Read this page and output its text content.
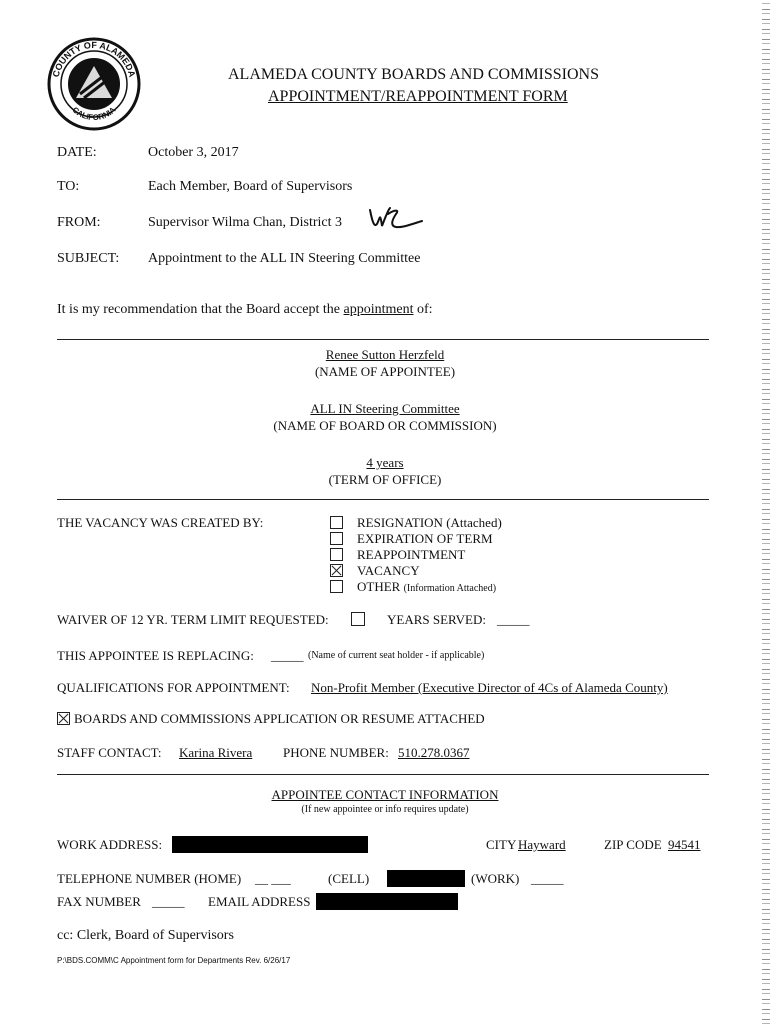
COUNTY OF ALAMEDA
CALIFORNIA
ALAMEDA COUNTY BOARDS AND COMMISSIONS
APPOINTMENT/REAPPOINTMENT FORM
DATE:	October 3, 2017
TO:	Each Member, Board of Supervisors
FROM:	Supervisor Wilma Chan, District 3
SUBJECT: Appointment to the ALL IN Steering Committee
It is my recommendation that the Board accept the appointment of:
Renee Sutton Herzfeld
(NAME OF APPOINTEE)
ALL IN Steering Committee
(NAME OF BOARD OR COMMISSION)
4 years
(TERM OF OFFICE)
THE VACANCY WAS CREATED BY:	RESIGNATION (Attached)
EXPIRATION OF TERM
REAPPOINTMENT
VACANCY
OTHER (Information Attached)
WAIVER OF 12 YR. TERM LIMIT REQUESTED:	YEARS SERVED: _____
THIS APPOINTEE IS REPLACING: _____ (Name of current seat holder - if applicable)
QUALIFICATIONS FOR APPOINTMENT: Non-Profit Member (Executive Director of 4Cs of Alameda County)
BOARDS AND COMMISSIONS APPLICATION OR RESUME ATTACHED
STAFF CONTACT: Karina Rivera PHONE NUMBER: 510.278.0367
APPOINTEE CONTACT INFORMATION
(If new appointee or info requires update)
WORK ADDRESS:	CITY Hayward	ZIP CODE 94541
TELEPHONE NUMBER (HOME) __ ___	(CELL)	(WORK) _____
FAX NUMBER _____ EMAIL ADDRESS
cc: Clerk, Board of Supervisors
P:\BDS.COMM\C Appointment form for Departments Rev. 6/26/17
